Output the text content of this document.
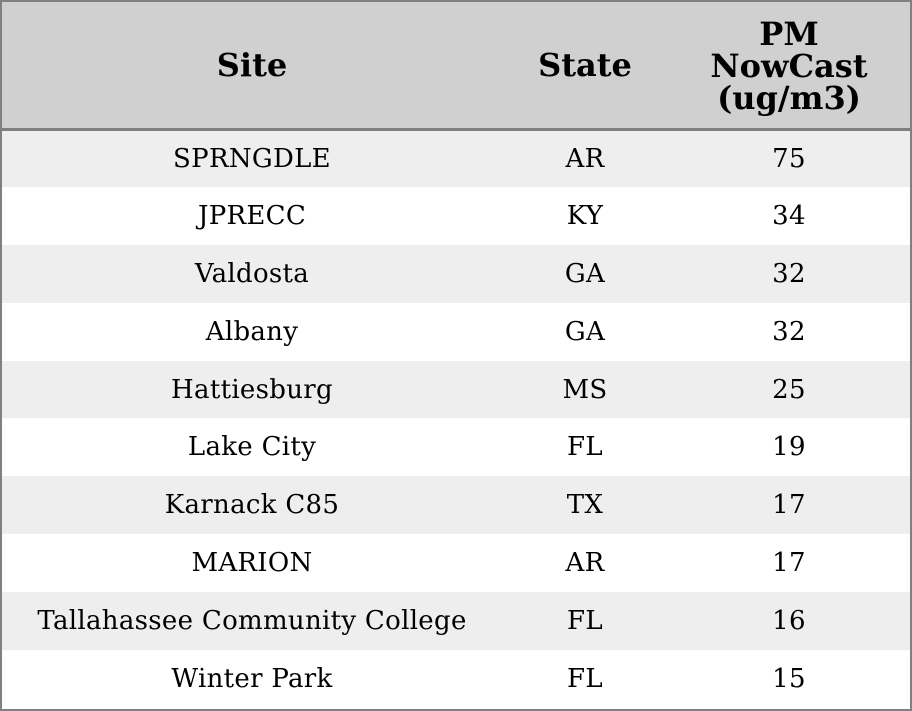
Site	State	PM
NowCast
(ug/m3)

SPRNGDLE	AR	75
JPRECC	KY	34
Valdosta	GA	32
Albany	GA	32
Hattiesburg	MS	25
Lake City	FL	19
Karnack C85	TX	17
MARION	AR	17
Tallahassee Community College	FL	16
Winter Park	FL	15
